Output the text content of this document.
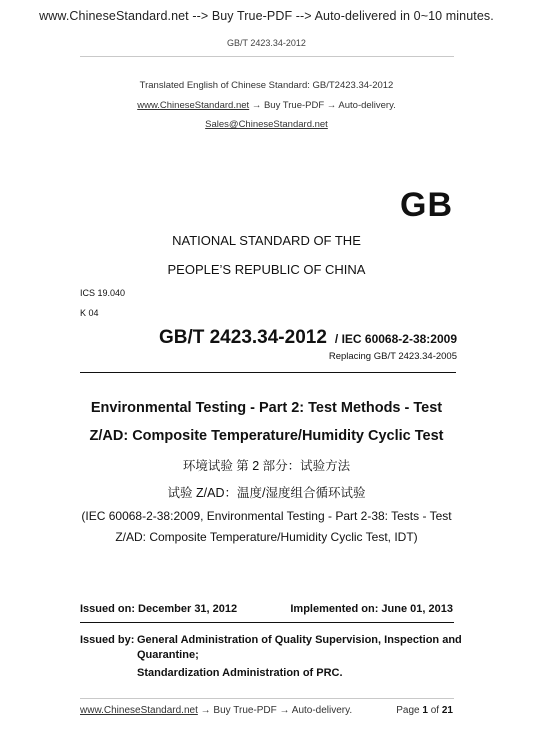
www.ChineseStandard.net --> Buy True-PDF --> Auto-delivered in 0~10 minutes.
GB/T 2423.34-2012
Translated English of Chinese Standard: GB/T2423.34-2012
www.ChineseStandard.net → Buy True-PDF → Auto-delivery.
Sales@ChineseStandard.net
GB
NATIONAL STANDARD OF THE
PEOPLE’S REPUBLIC OF CHINA
ICS 19.040
K 04
GB/T 2423.34-2012 / IEC 60068-2-38:2009
Replacing GB/T 2423.34-2005
Environmental Testing - Part 2: Test Methods - Test
Z/AD: Composite Temperature/Humidity Cyclic Test
环境试验 第 2 部分：试验方法
试验 Z/AD：温度/湿度组合循环试验
(IEC 60068-2-38:2009, Environmental Testing - Part 2-38: Tests - Test
Z/AD: Composite Temperature/Humidity Cyclic Test, IDT)
Issued on: December 31, 2012	Implemented on: June 01, 2013
Issued by: General Administration of Quality Supervision, Inspection and
Quarantine;
Standardization Administration of PRC.
www.ChineseStandard.net → Buy True-PDF → Auto-delivery.	Page 1 of 21
